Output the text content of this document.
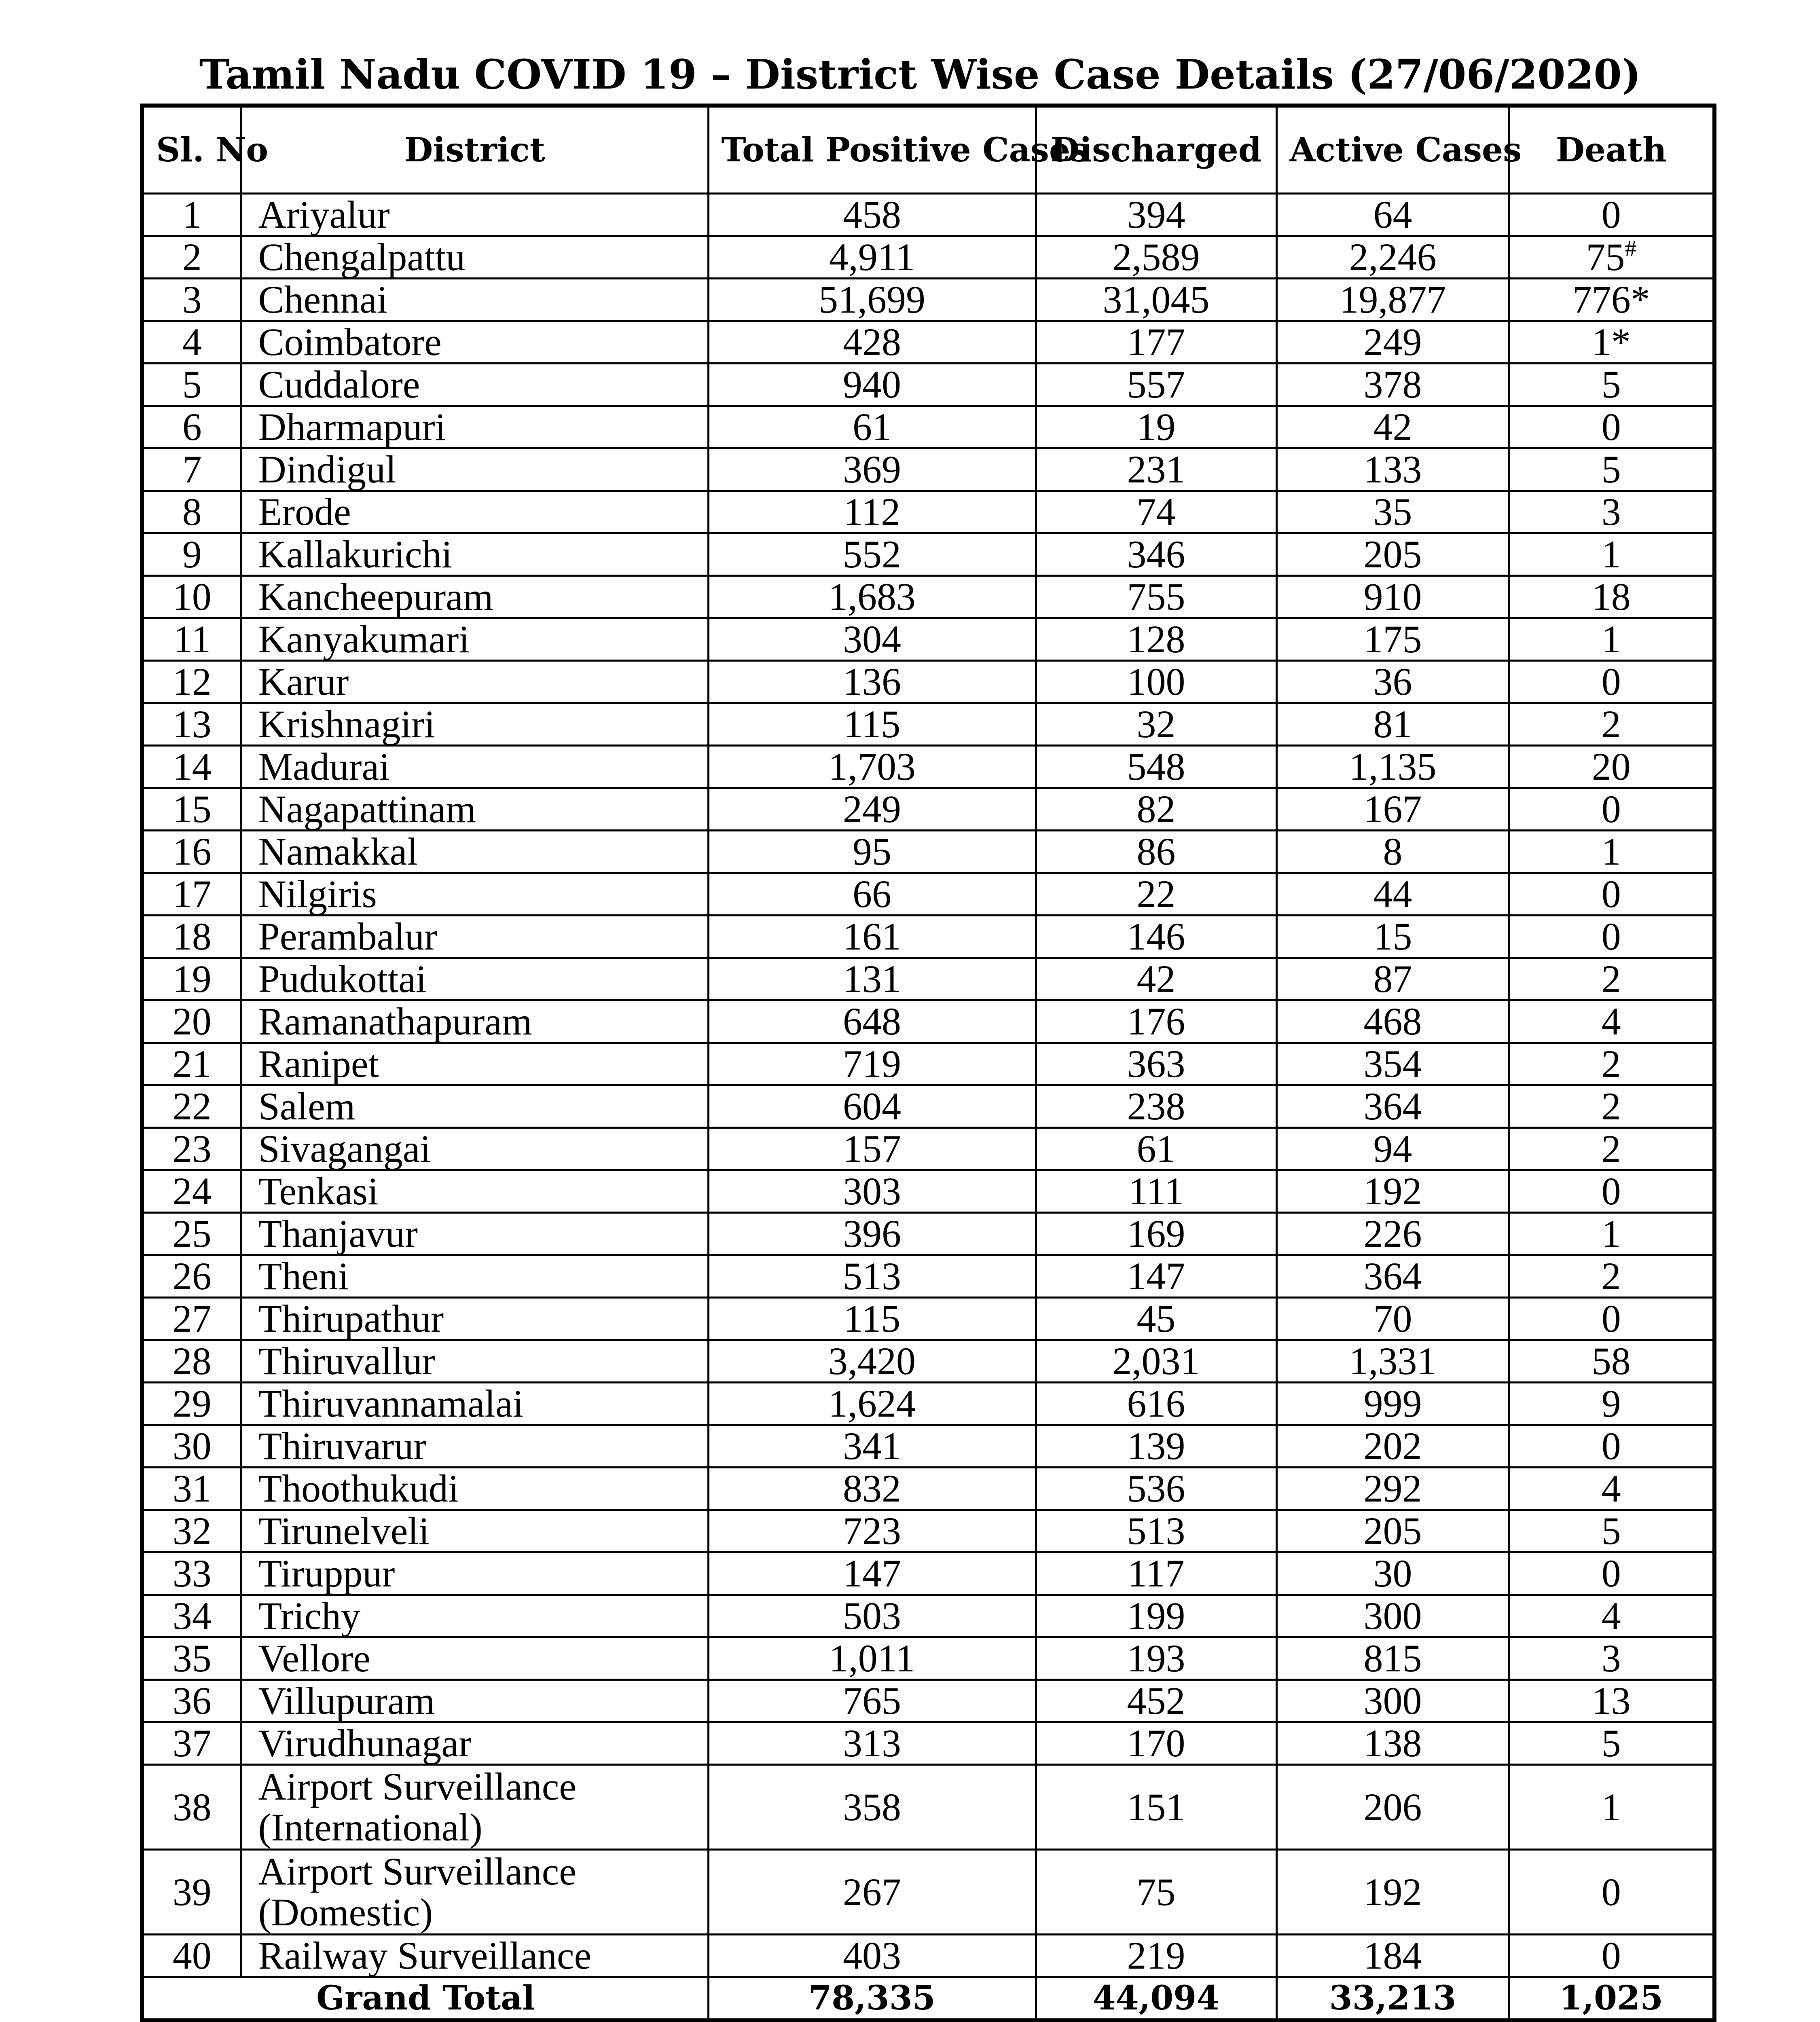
Tamil Nadu COVID 19 – District Wise Case Details (27/06/2020)
Sl. No	District	Total Positive Cases	Discharged	Active Cases	Death
1	Ariyalur	458	394	64	0
2	Chengalpattu	4,911	2,589	2,246	75#
3	Chennai	51,699	31,045	19,877	776*
4	Coimbatore	428	177	249	1*
5	Cuddalore	940	557	378	5
6	Dharmapuri	61	19	42	0
7	Dindigul	369	231	133	5
8	Erode	112	74	35	3
9	Kallakurichi	552	346	205	1
10	Kancheepuram	1,683	755	910	18
11	Kanyakumari	304	128	175	1
12	Karur	136	100	36	0
13	Krishnagiri	115	32	81	2
14	Madurai	1,703	548	1,135	20
15	Nagapattinam	249	82	167	0
16	Namakkal	95	86	8	1
17	Nilgiris	66	22	44	0
18	Perambalur	161	146	15	0
19	Pudukottai	131	42	87	2
20	Ramanathapuram	648	176	468	4
21	Ranipet	719	363	354	2
22	Salem	604	238	364	2
23	Sivagangai	157	61	94	2
24	Tenkasi	303	111	192	0
25	Thanjavur	396	169	226	1
26	Theni	513	147	364	2
27	Thirupathur	115	45	70	0
28	Thiruvallur	3,420	2,031	1,331	58
29	Thiruvannamalai	1,624	616	999	9
30	Thiruvarur	341	139	202	0
31	Thoothukudi	832	536	292	4
32	Tirunelveli	723	513	205	5
33	Tiruppur	147	117	30	0
34	Trichy	503	199	300	4
35	Vellore	1,011	193	815	3
36	Villupuram	765	452	300	13
37	Virudhunagar	313	170	138	5
38	Airport Surveillance (International)	358	151	206	1
39	Airport Surveillance (Domestic)	267	75	192	0
40	Railway Surveillance	403	219	184	0
Grand Total		78,335	44,094	33,213	1,025
